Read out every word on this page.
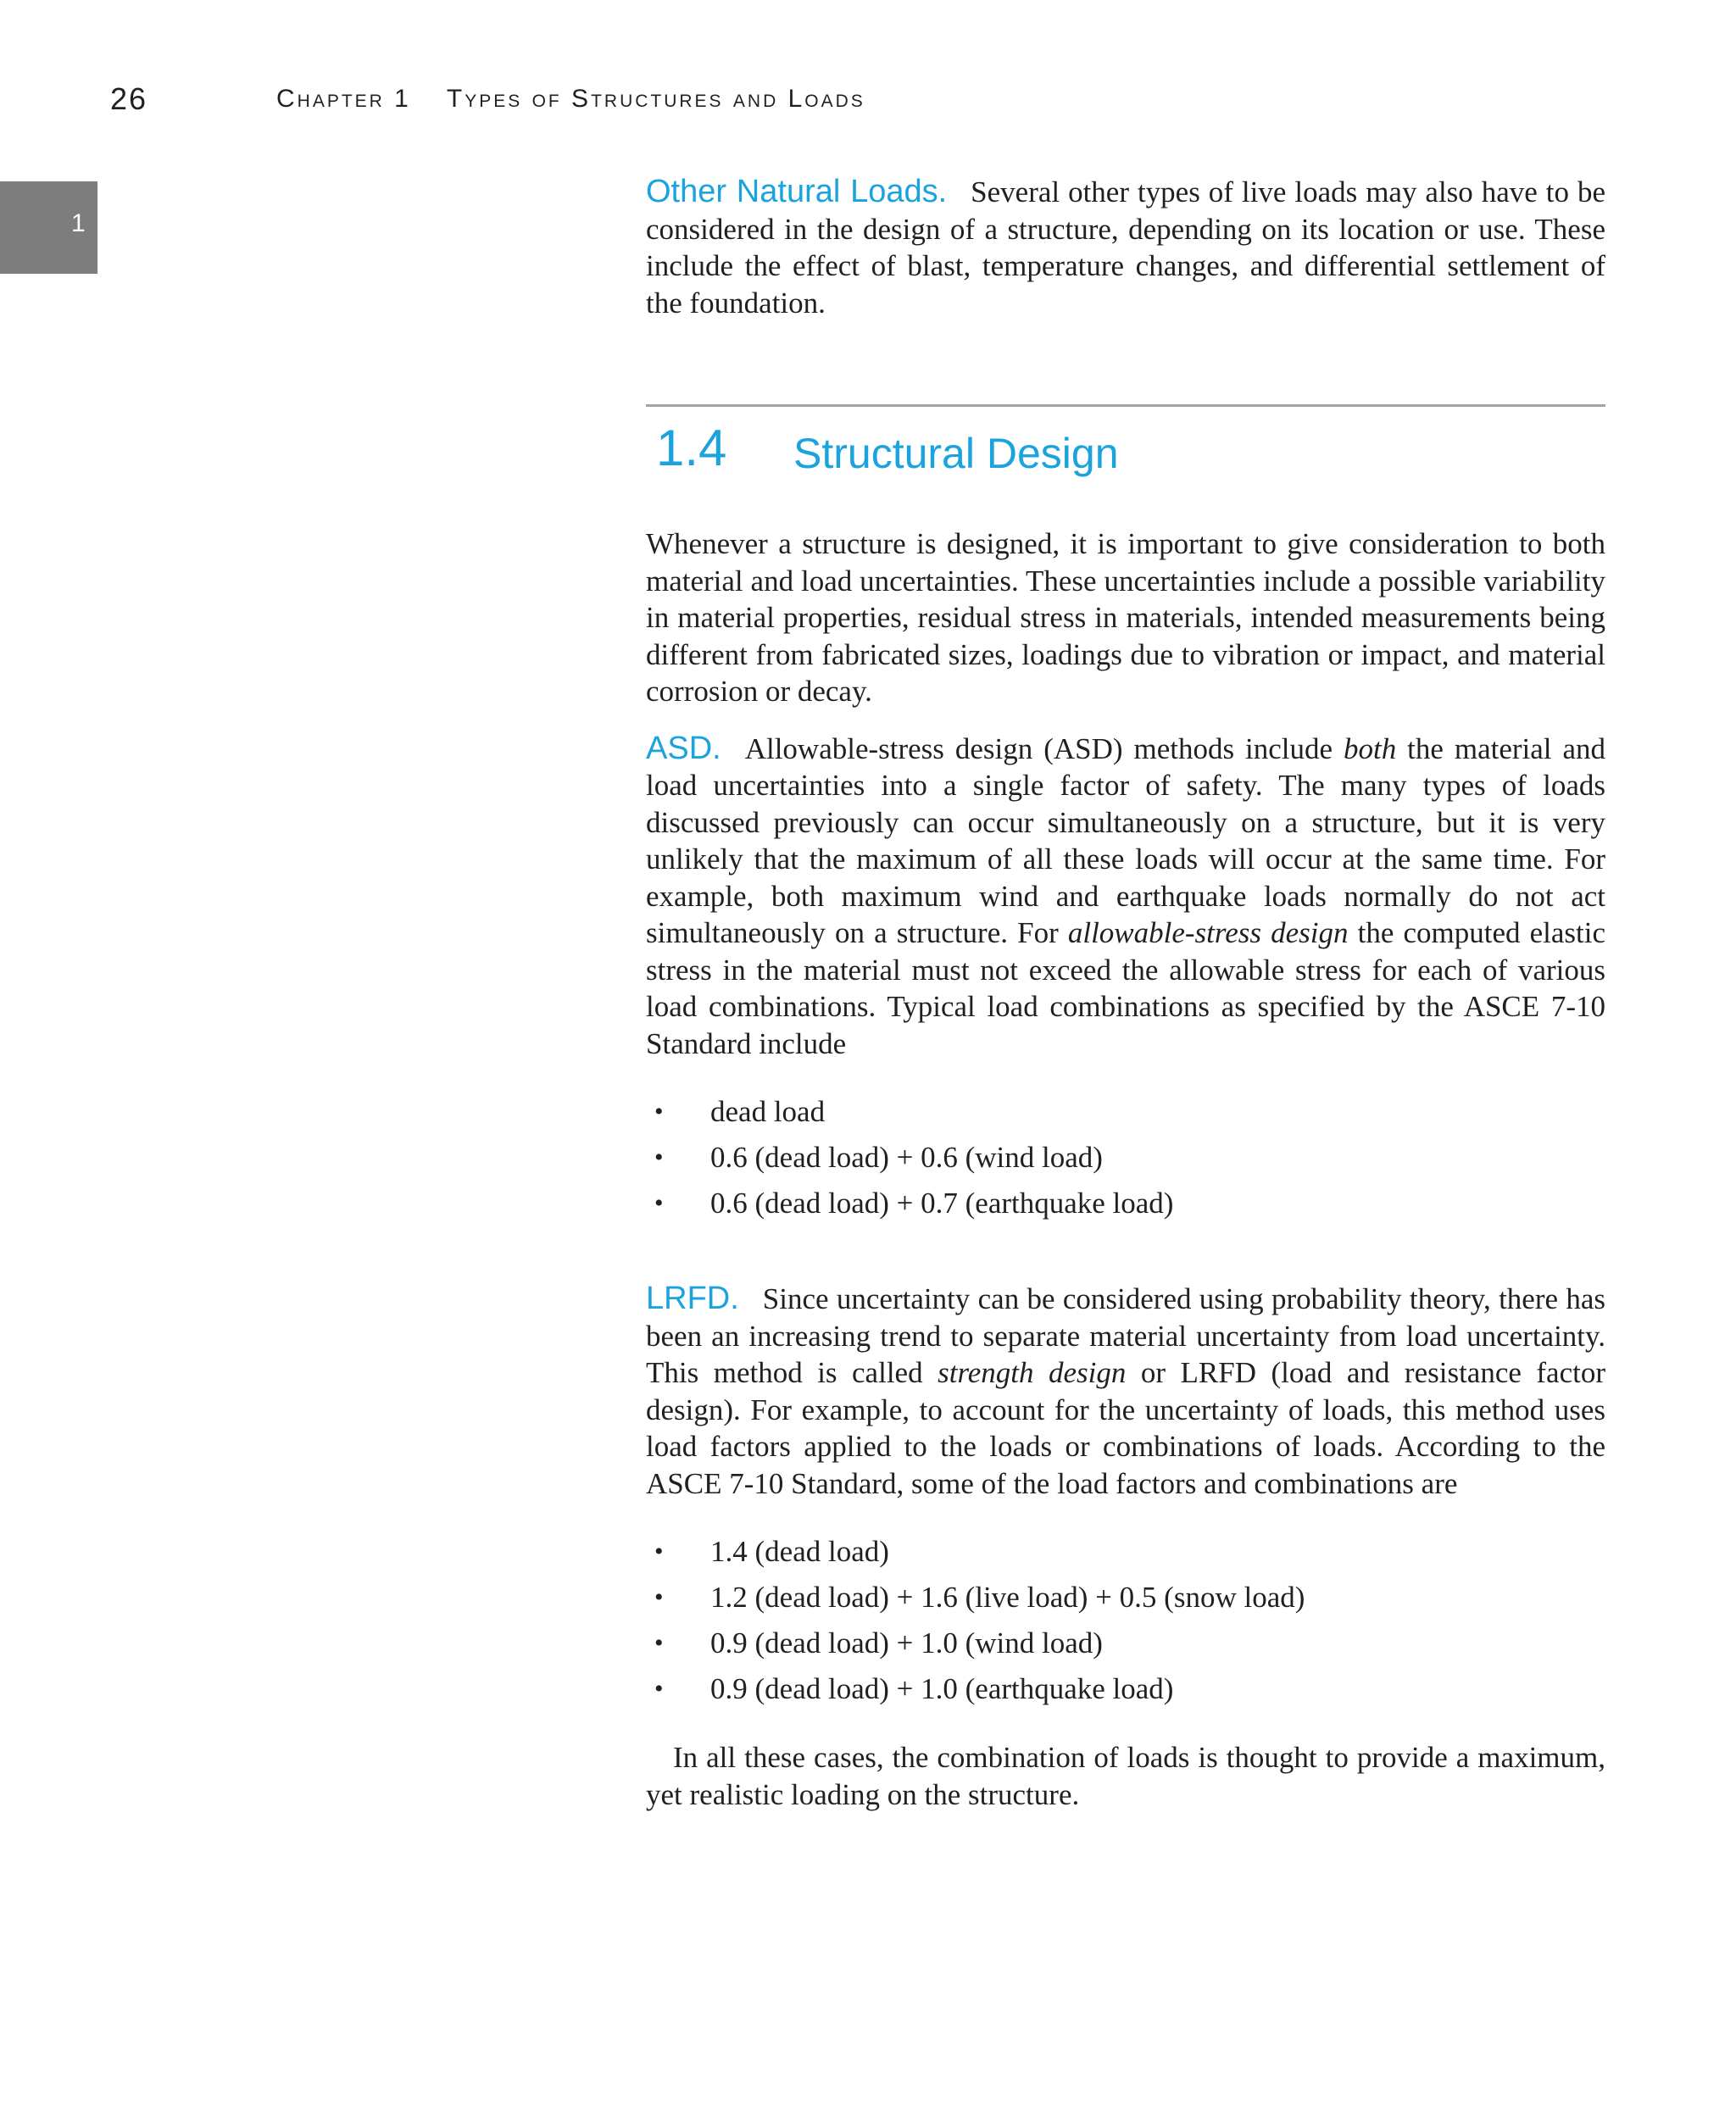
26	Chapter 1 Types of Structures and Loads
1

Other Natural Loads. Several other types of live loads may also have to be considered in the design of a structure, depending on its location or use. These include the effect of blast, temperature changes, and differential settlement of the foundation.

1.4 Structural Design

Whenever a structure is designed, it is important to give consideration to both material and load uncertainties. These uncertainties include a possible variability in material properties, residual stress in materials, intended measurements being different from fabricated sizes, loadings due to vibration or impact, and material corrosion or decay.

ASD. Allowable-stress design (ASD) methods include both the material and load uncertainties into a single factor of safety. The many types of loads discussed previously can occur simultaneously on a structure, but it is very unlikely that the maximum of all these loads will occur at the same time. For example, both maximum wind and earthquake loads normally do not act simultaneously on a structure. For allowable-stress design the computed elastic stress in the material must not exceed the allowable stress for each of various load combinations. Typical load combinations as specified by the ASCE 7-10 Standard include

• dead load
• 0.6 (dead load) + 0.6 (wind load)
• 0.6 (dead load) + 0.7 (earthquake load)

LRFD. Since uncertainty can be considered using probability theory, there has been an increasing trend to separate material uncertainty from load uncertainty. This method is called strength design or LRFD (load and resistance factor design). For example, to account for the uncertainty of loads, this method uses load factors applied to the loads or combinations of loads. According to the ASCE 7-10 Standard, some of the load factors and combinations are

• 1.4 (dead load)
• 1.2 (dead load) + 1.6 (live load) + 0.5 (snow load)
• 0.9 (dead load) + 1.0 (wind load)
• 0.9 (dead load) + 1.0 (earthquake load)

In all these cases, the combination of loads is thought to provide a maximum, yet realistic loading on the structure.
